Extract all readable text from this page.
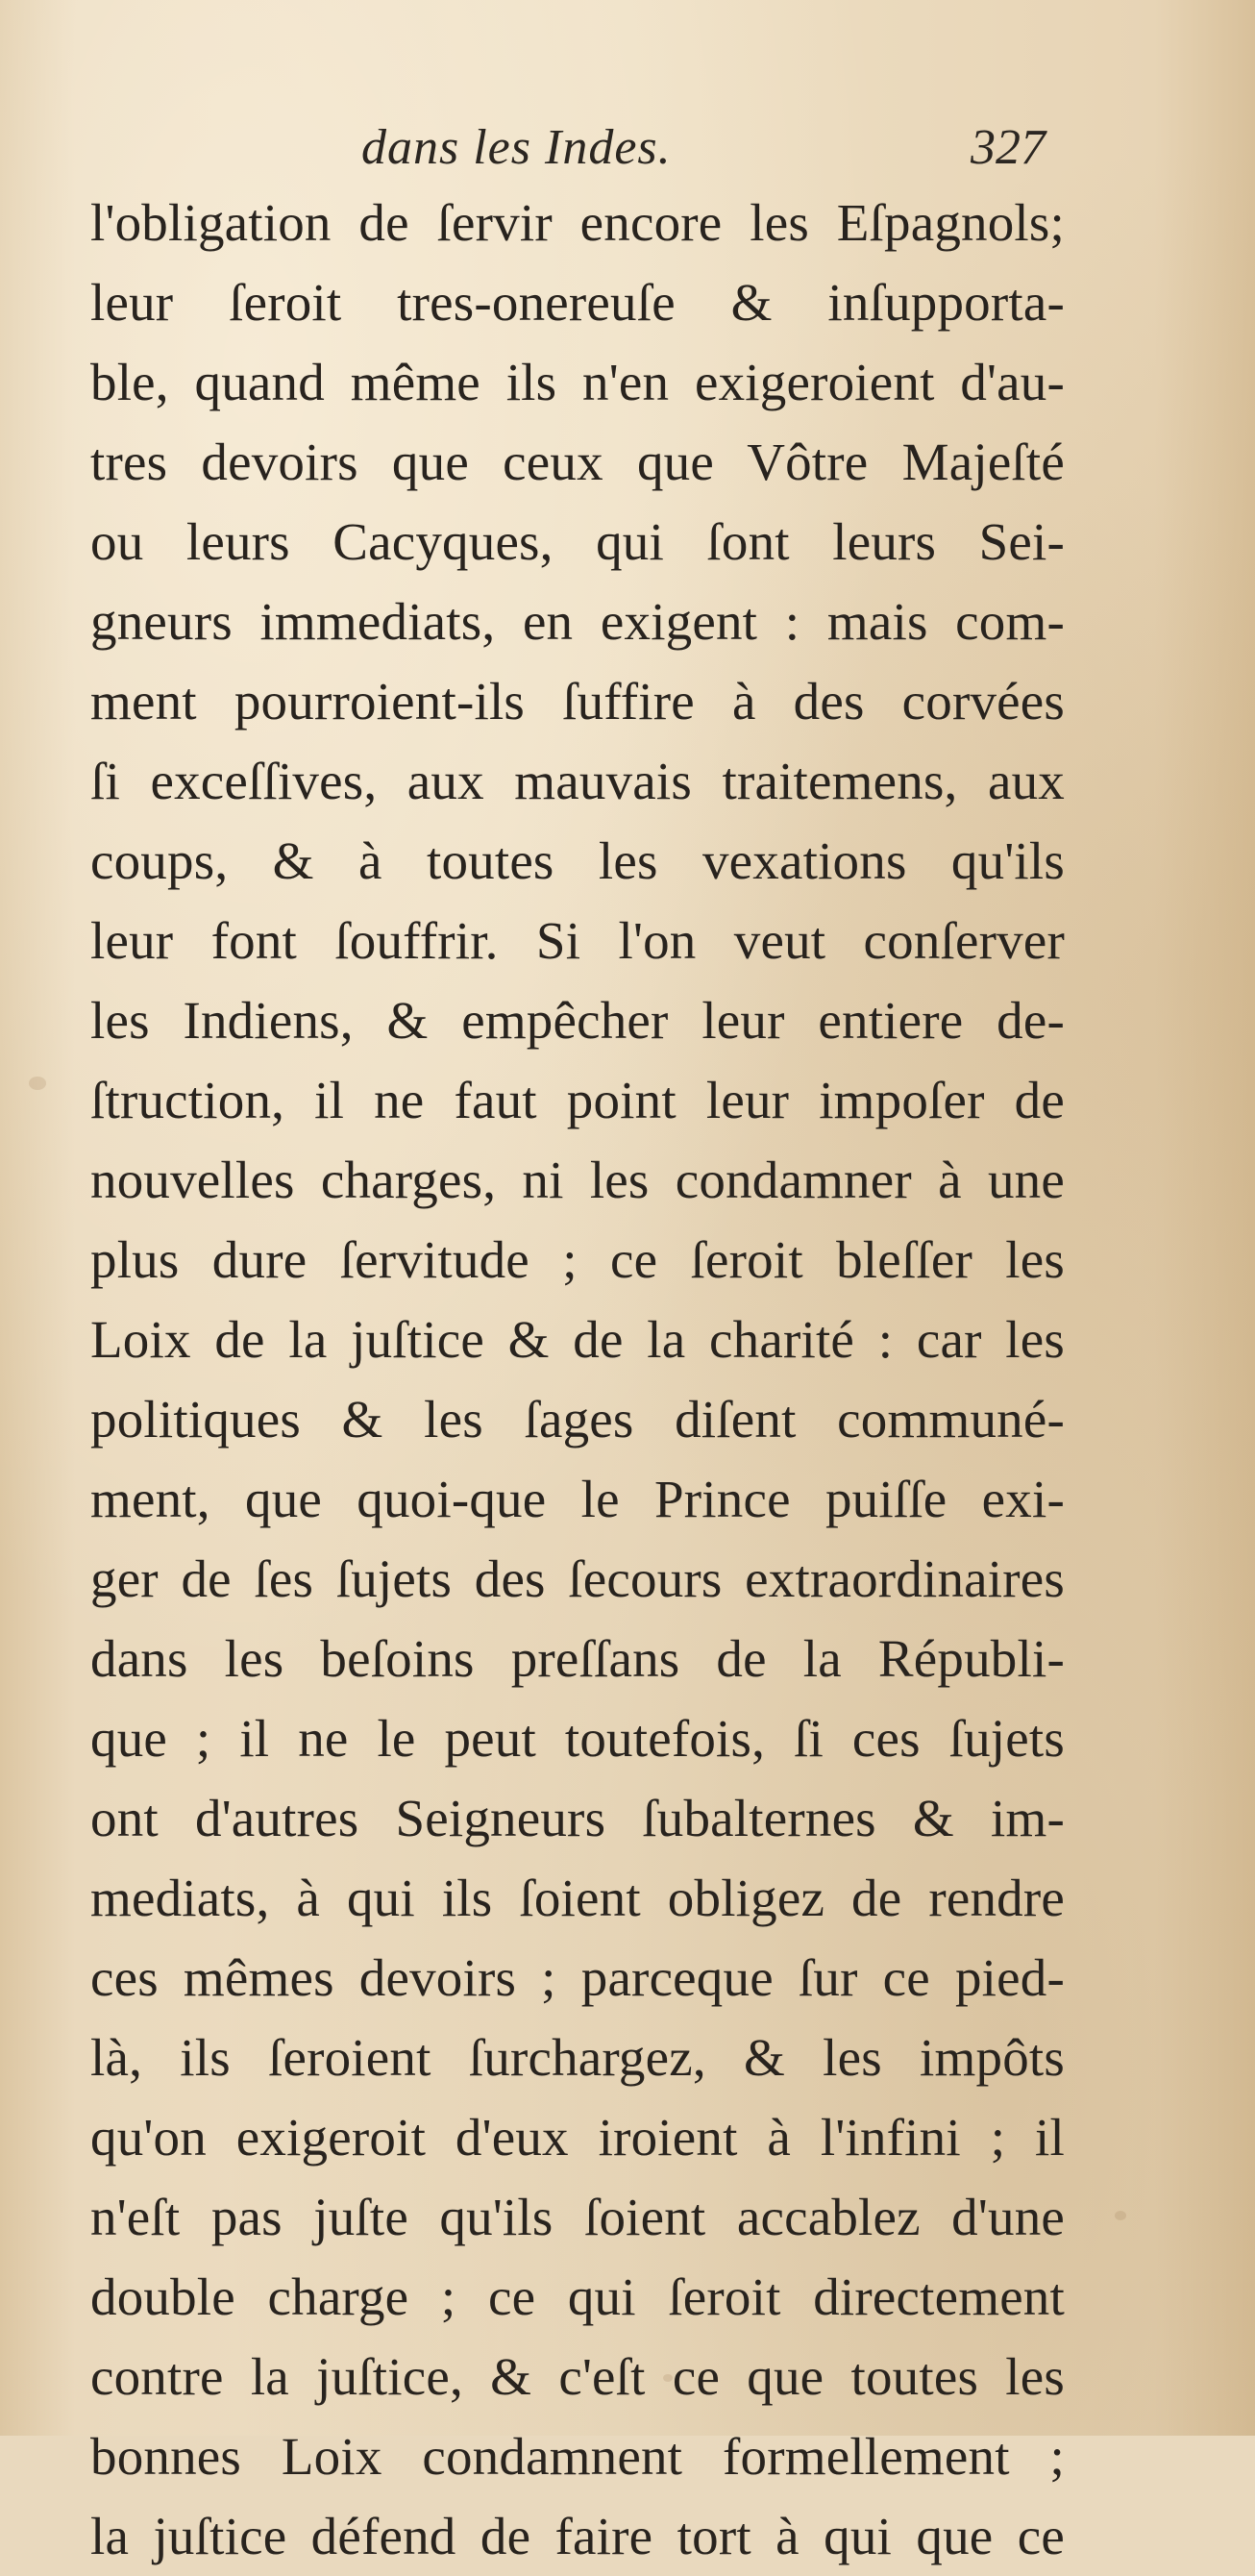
dans les Indes.	327
l'obligation de ſervir encore les Eſpagnols;
leur ſeroit tres-onereuſe & inſupporta-
ble, quand même ils n'en exigeroient d'au-
tres devoirs que ceux que Vôtre Majeſté
ou leurs Cacyques, qui ſont leurs Sei-
gneurs immediats, en exigent : mais com-
ment pourroient-ils ſuffire à des corvées
ſi exceſſives, aux mauvais traitemens, aux
coups, & à toutes les vexations qu'ils
leur font ſouffrir. Si l'on veut conſerver
les Indiens, & empêcher leur entiere de-
ſtruction, il ne faut point leur impoſer de
nouvelles charges, ni les condamner à une
plus dure ſervitude ; ce ſeroit bleſſer les
Loix de la juſtice & de la charité : car les
politiques & les ſages diſent communé-
ment, que quoi-que le Prince puiſſe exi-
ger de ſes ſujets des ſecours extraordinaires
dans les beſoins preſſans de la Républi-
que ; il ne le peut toutefois, ſi ces ſujets
ont d'autres Seigneurs ſubalternes & im-
mediats, à qui ils ſoient obligez de rendre
ces mêmes devoirs ; parceque ſur ce pied-
là, ils ſeroient ſurchargez, & les impôts
qu'on exigeroit d'eux iroient à l'infini ; il
n'eſt pas juſte qu'ils ſoient accablez d'une
double charge ; ce qui ſeroit directement
contre la juſtice, & c'eſt ce que toutes les
bonnes Loix condamnent formellement ;
la juſtice défend de faire tort à qui que ce
